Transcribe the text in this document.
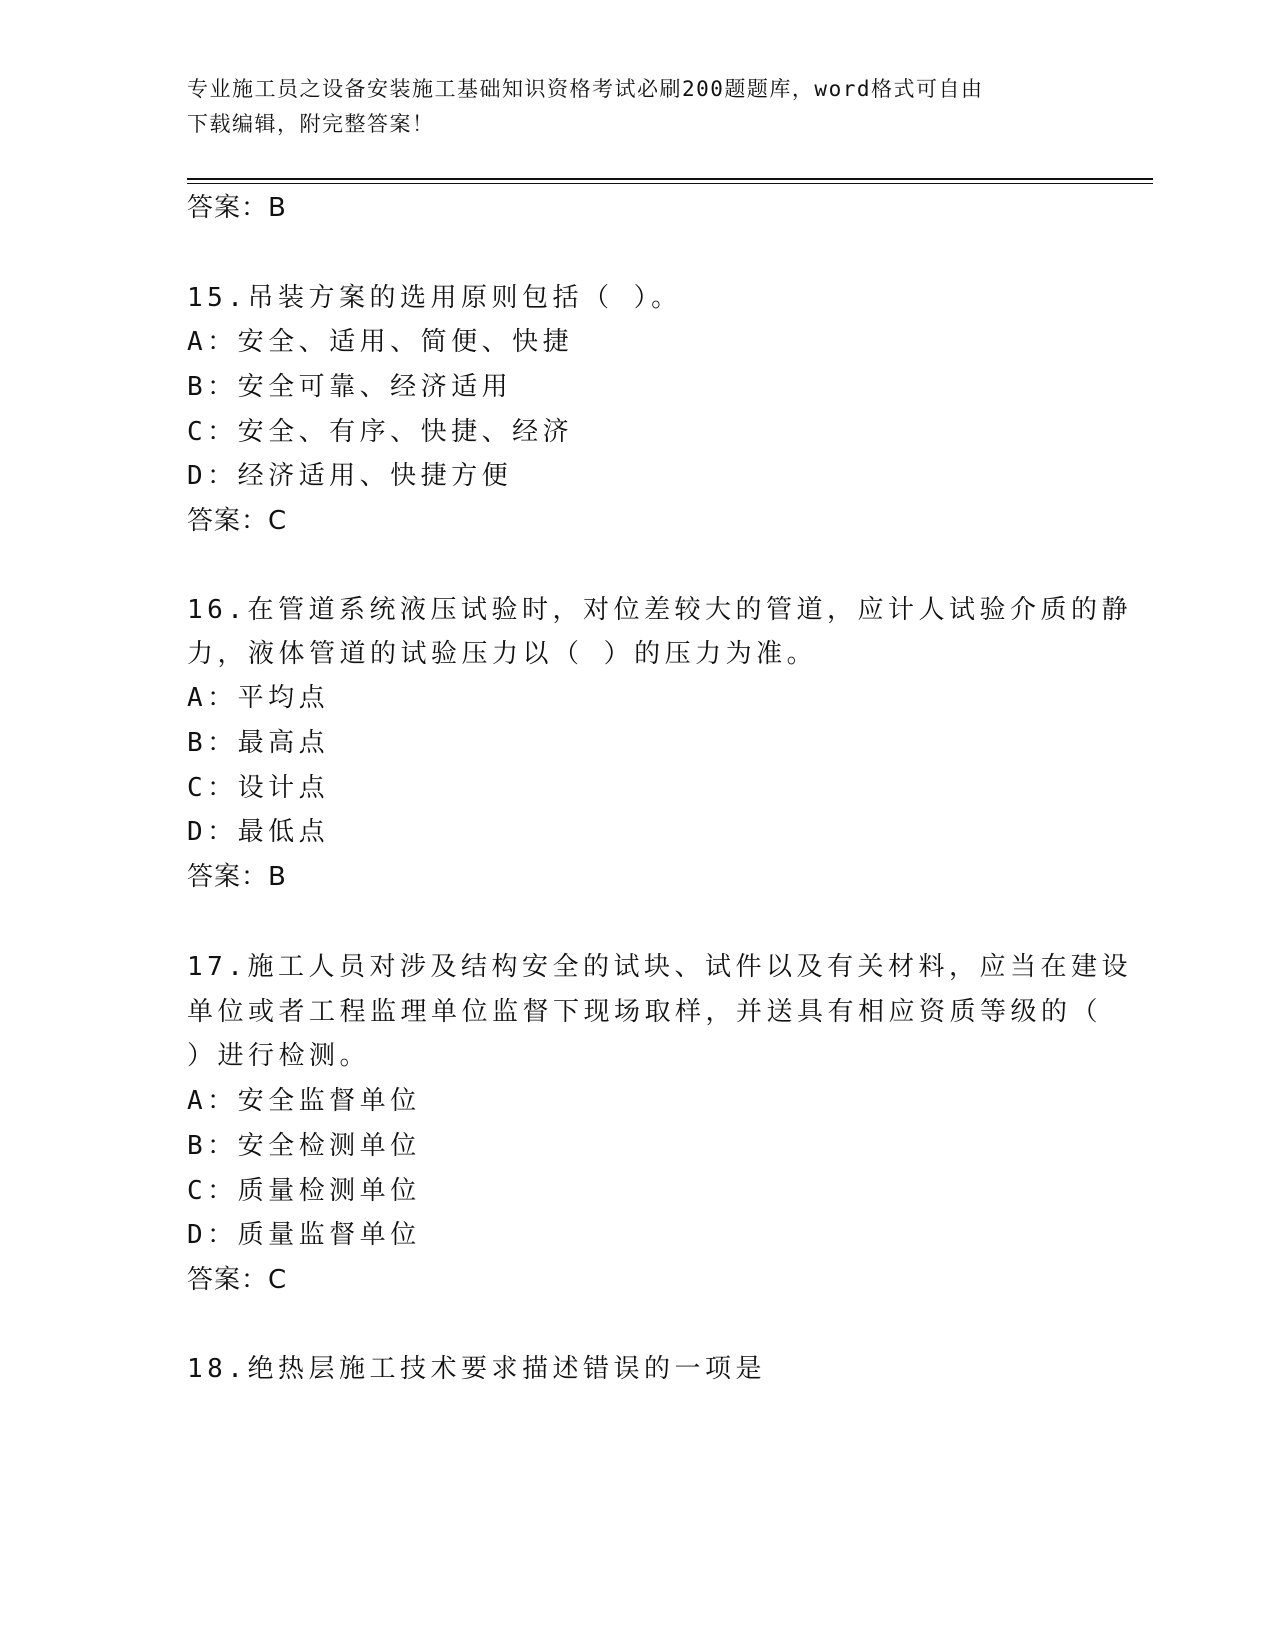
专业施工员之设备安装施工基础知识资格考试必刷200题题库，word格式可自由
下载编辑，附完整答案！
答案：B
15.吊装方案的选用原则包括（ ）。
A：安全、适用、简便、快捷
B：安全可靠、经济适用
C：安全、有序、快捷、经济
D：经济适用、快捷方便
答案：C
16.在管道系统液压试验时，对位差较大的管道，应计人试验介质的静
力，液体管道的试验压力以（ ）的压力为准。
A：平均点
B：最高点
C：设计点
D：最低点
答案：B
17.施工人员对涉及结构安全的试块、试件以及有关材料，应当在建设
单位或者工程监理单位监督下现场取样，并送具有相应资质等级的（
）进行检测。
A：安全监督单位
B：安全检测单位
C：质量检测单位
D：质量监督单位
答案：C
18.绝热层施工技术要求描述错误的一项是
